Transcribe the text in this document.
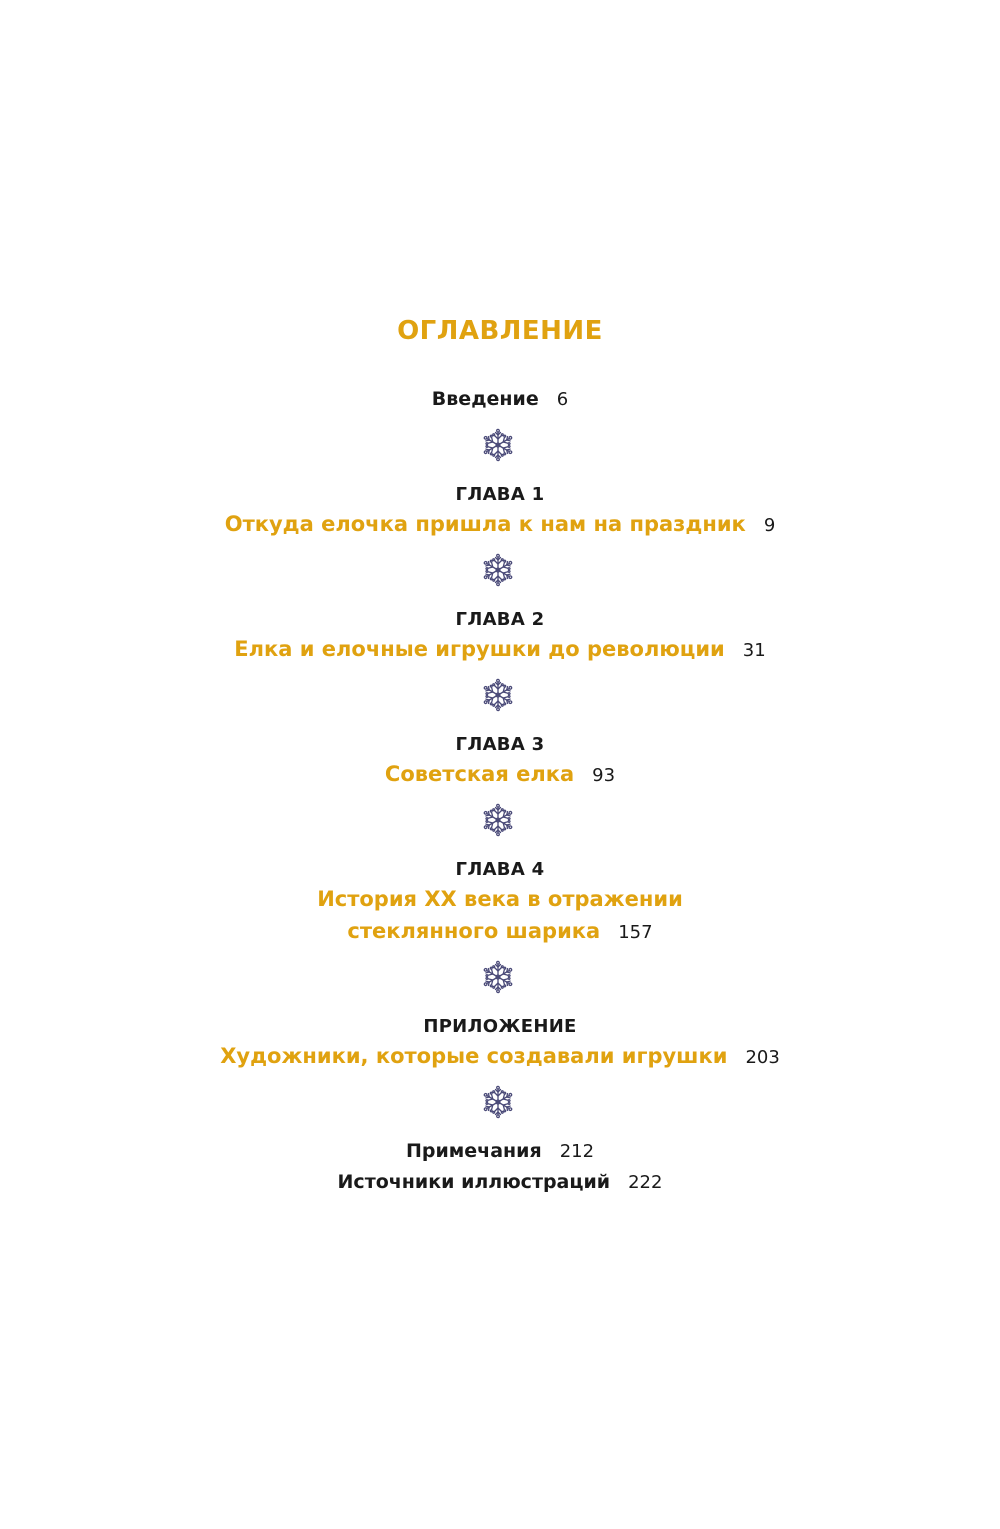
ОГЛАВЛЕНИЕ
Введение 6
ГЛАВА 1
Откуда елочка пришла к нам на праздник 9
ГЛАВА 2
Елка и елочные игрушки до революции 31
ГЛАВА 3
Советская елка 93
ГЛАВА 4
История XX века в отражении
стеклянного шарика 157
ПРИЛОЖЕНИЕ
Художники, которые создавали игрушки 203
Примечания 212
Источники иллюстраций 222
